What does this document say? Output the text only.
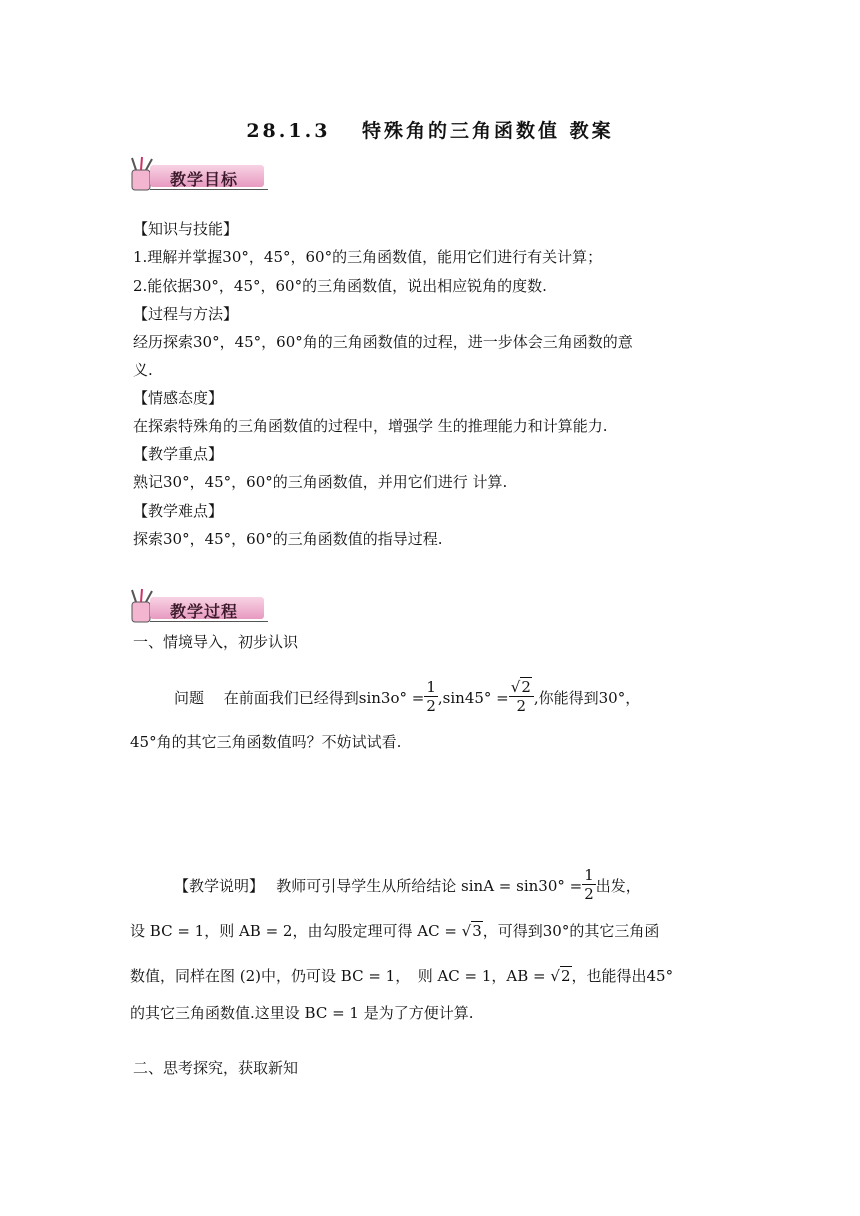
28.1.3　 特殊角的三角函数值 教案
教学目标
【知识与技能】
1.理解并掌握30°，45°，60°的三角函数值，能用它们进行有关计算；
2.能依据30°，45°，60°的三角函数值，说出相应锐角的度数.
【过程与方法】
经历探索30°，45°，60°角的三角函数值的过程，进一步体会三角函数的意
义.
【情感态度】
在探索特殊角的三角函数值的过程中，增强学 生的推理能力和计算能力.
【教学重点】
熟记30°，45°，60°的三角函数值，并用它们进行 计算.
【教学难点】
探索30°，45°，60°的三角函数值的指导过程.
教学过程
一、情境导入，初步认识
问题　 在前面我们已经得到$\sin 3o^\circ = \frac{1}{2} ,\sin 45^\circ = \frac{√2}{2}$ ,你能得到30°，
45°角的其它三角函数值吗？不妨试试看.
【教学说明】　 教师可引导学生从所给结论 $\sin A = \sin 30^\circ = \frac{1}{2}$ 出发，
设 BC = 1，则 AB = 2，由勾股定理可得 AC = √3，可得到30°的其它三角函
数值，同样在图 (2)中，仍可设 BC = 1，　则 AC = 1，AB = √2，也能得出45°
的其它三角函数值.这里设 BC = 1 是为了方便计算.
二、思考探究，获取新知
